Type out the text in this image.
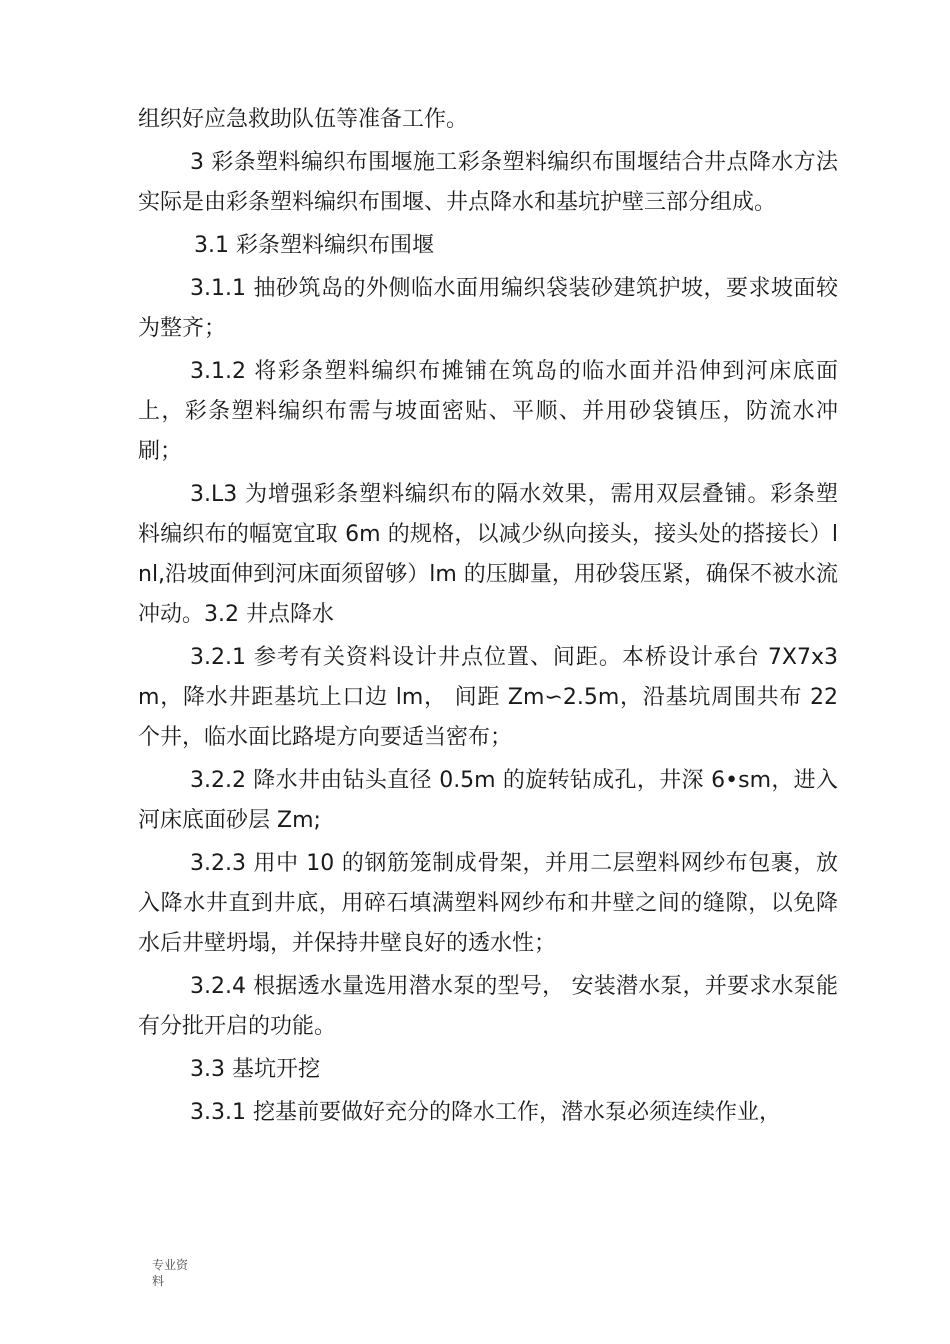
组织好应急救助队伍等准备工作。

3 彩条塑料编织布围堰施工彩条塑料编织布围堰结合井点降水方法实际是由彩条塑料编织布围堰、井点降水和基坑护壁三部分组成。

3.1 彩条塑料编织布围堰

3.1.1 抽砂筑岛的外侧临水面用编织袋装砂建筑护坡，要求坡面较为整齐；

3.1.2 将彩条塑料编织布摊铺在筑岛的临水面并沿伸到河床底面上，彩条塑料编织布需与坡面密贴、平顺、并用砂袋镇压，防流水冲刷；

3.L3 为增强彩条塑料编织布的隔水效果，需用双层叠铺。彩条塑料编织布的幅宽宜取 6m 的规格，以减少纵向接头，接头处的搭接长）lnl,沿坡面伸到河床面须留够）lm 的压脚量，用砂袋压紧，确保不被水流冲动。3.2 井点降水

3.2.1 参考有关资料设计井点位置、间距。本桥设计承台 7X7x3m，降水井距基坑上口边 lm， 间距 Zm∽2.5m，沿基坑周围共布 22 个井，临水面比路堤方向要适当密布；

3.2.2 降水井由钻头直径 0.5m 的旋转钻成孔，井深 6•sm，进入河床底面砂层 Zm;

3.2.3 用中 10 的钢筋笼制成骨架，并用二层塑料网纱布包裹，放入降水井直到井底，用碎石填满塑料网纱布和井壁之间的缝隙，以免降水后井壁坍塌，并保持井壁良好的透水性；

3.2.4 根据透水量选用潜水泵的型号， 安装潜水泵，并要求水泵能有分批开启的功能。

3.3 基坑开挖

3.3.1 挖基前要做好充分的降水工作，潜水泵必须连续作业，

专业资料
